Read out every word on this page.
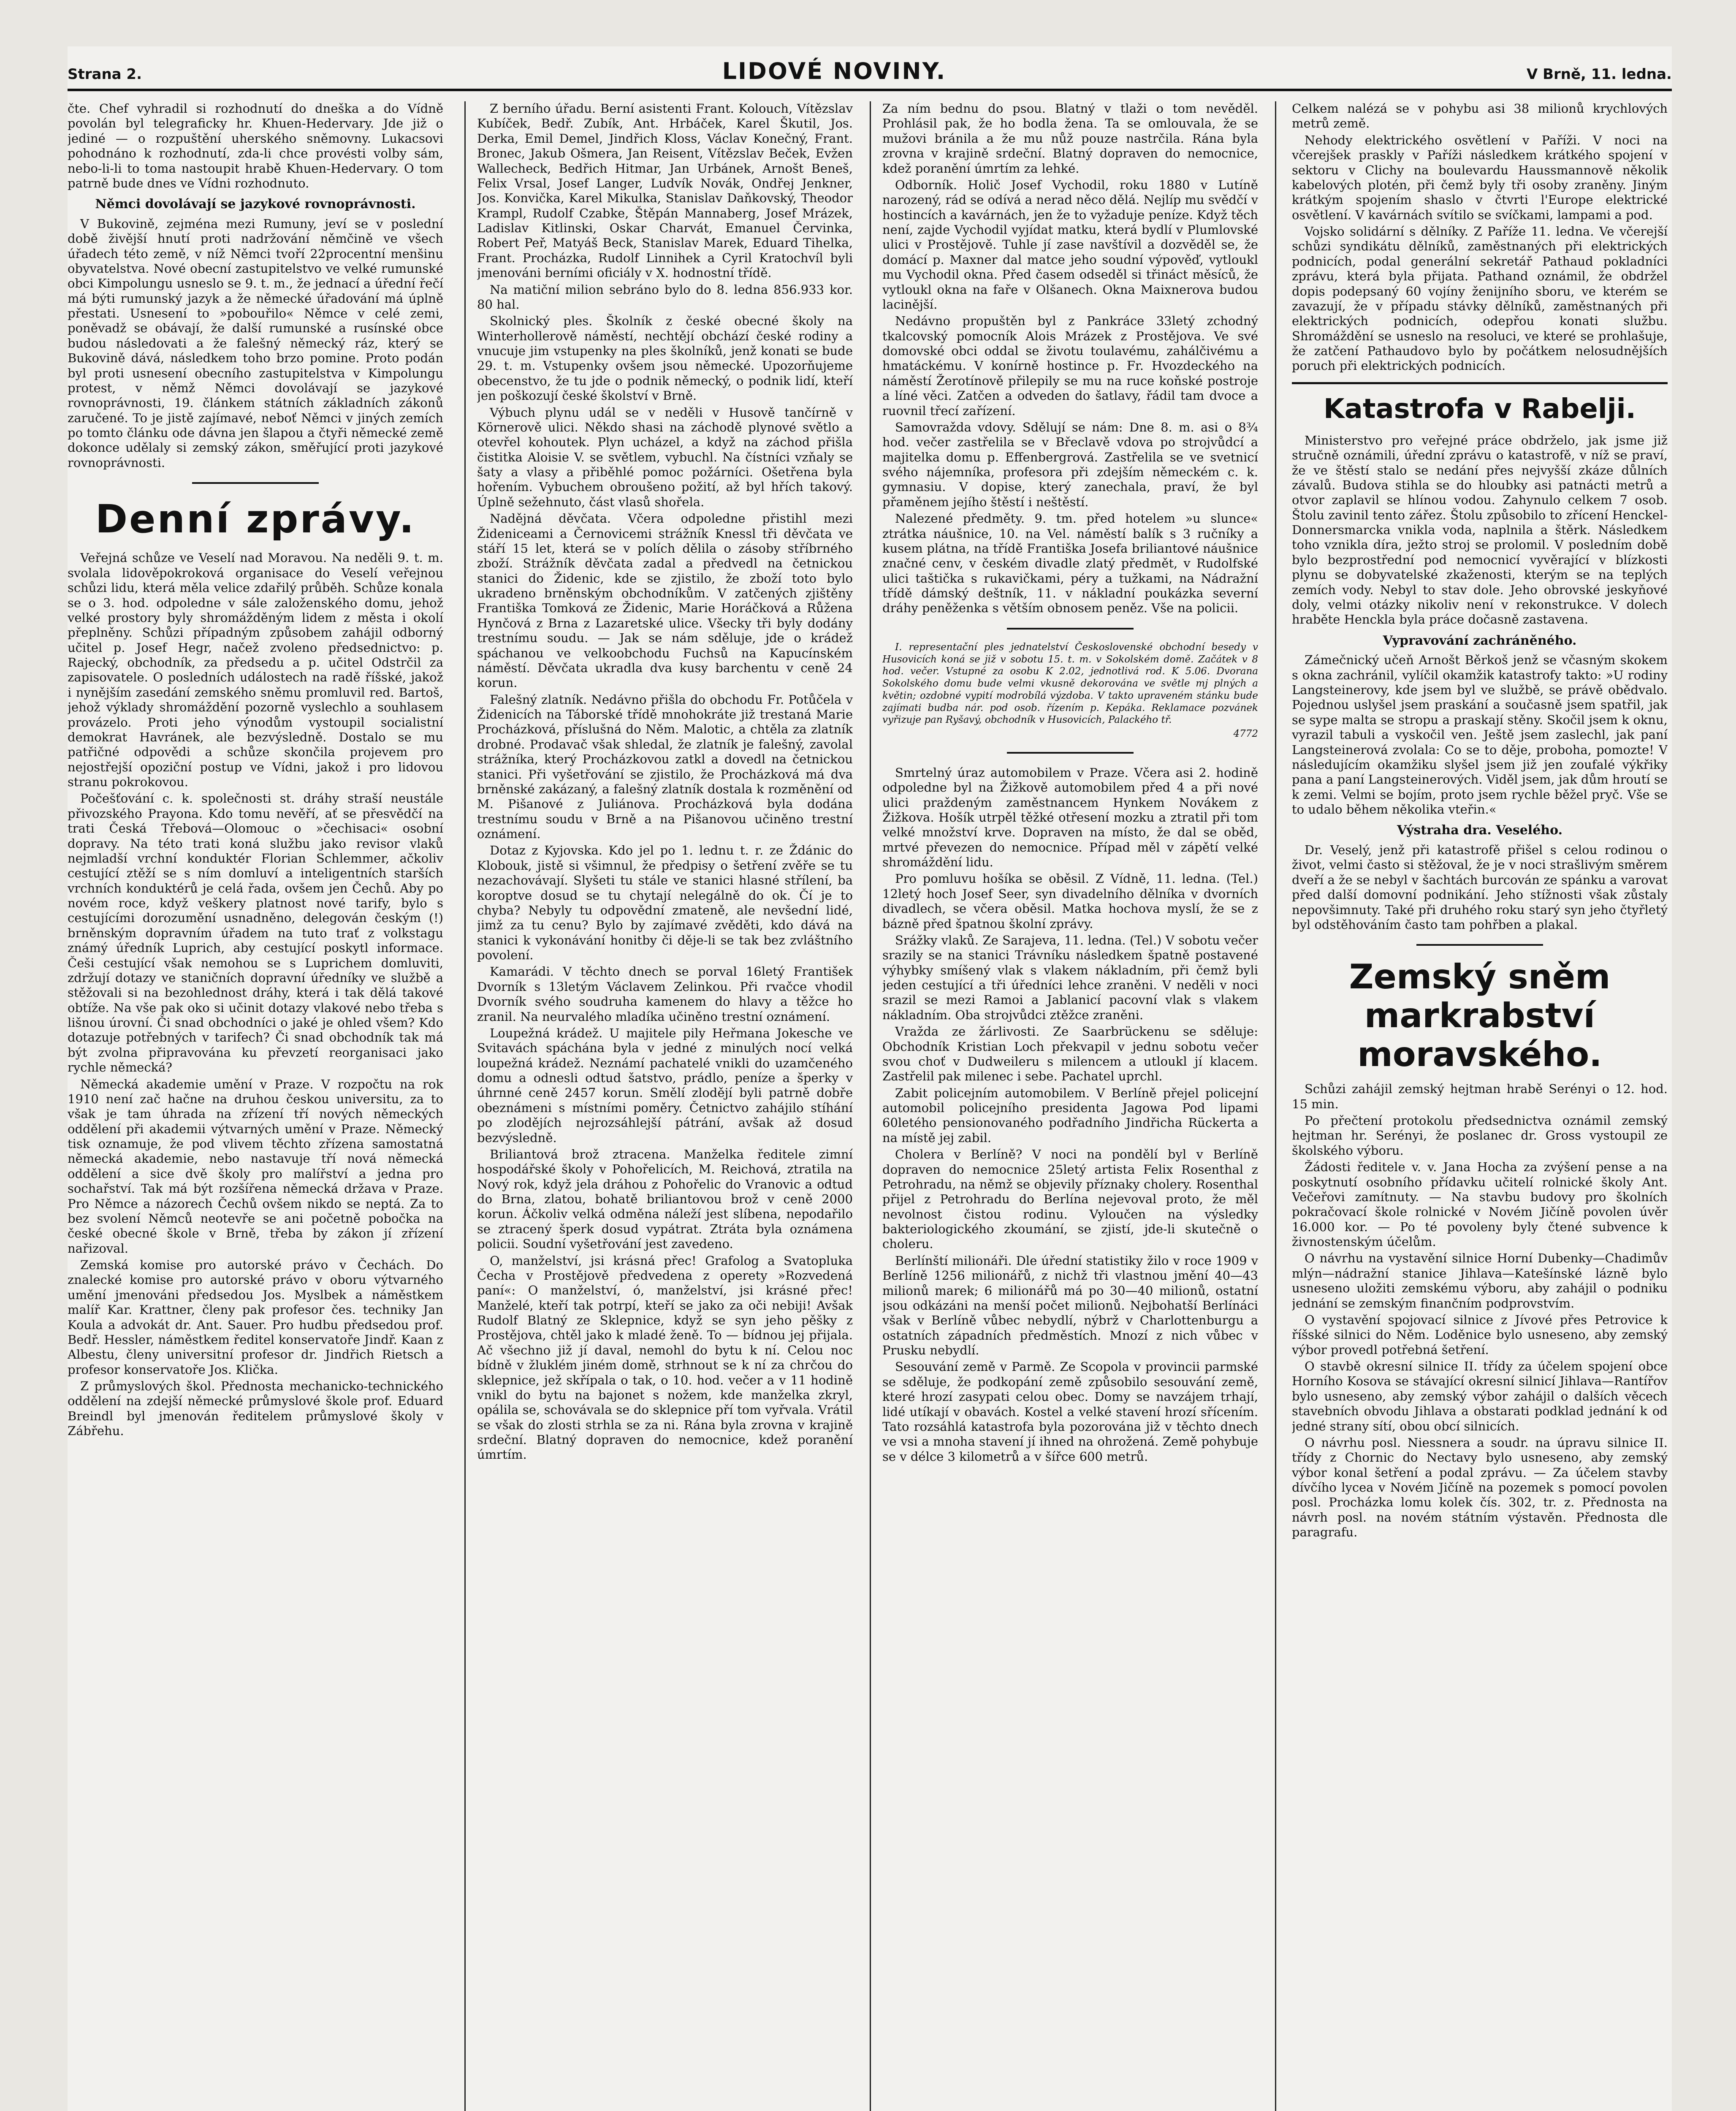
Strana 2.	LIDOVÉ NOVINY.	V Brně, 11. ledna.

čte. Chef vyhradil si rozhodnutí do dneška a do Vídně povolán byl telegraficky hr. Khuen-Hedervary. Jde již o jediné — o rozpuštění uherského sněmovny. Lukacsovi pohodnáno k rozhodnutí, zda-li chce provésti volby sám, nebo-li-li to toma nastoupit hrabě Khuen-Hedervary. O tom patrně bude dnes ve Vídni rozhodnuto.

Němci dovolávají se jazykové rovnoprávnosti.

V Bukovině, zejména mezi Rumuny, jeví se v poslední době živější hnutí proti nadržování němčině ve všech úřadech této země, v níž Němci tvoří 22procentní menšinu obyvatelstva. Nové obecní zastupitelstvo ve velké rumunské obci Kimpolungu usneslo se 9. t. m., že jednací a úřední řečí má býti rumunský jazyk a že německé úřadování má úplně přestati. Usnesení to »pobouřilo« Němce v celé zemi, poněvadž se obávají, že další rumunské a rusínské obce budou následovati a že falešný německý ráz, který se Bukovině dává, následkem toho brzo pomine. Proto podán byl proti usnesení obecního zastupitelstva v Kimpolungu protest, v němž Němci dovolávají se jazykové rovnoprávnosti, 19. článkem státních základních zákonů zaručené. To je jistě zajímavé, neboť Němci v jiných zemích po tomto článku ode dávna jen šlapou a čtyři německé země dokonce udělaly si zemský zákon, směřující proti jazykové rovnoprávnosti.

Denní zprávy.

Veřejná schůze ve Veselí nad Moravou. Na neděli 9. t. m. svolala lidověpokroková organisace do Veselí veřejnou schůzi lidu, která měla velice zdařilý průběh. Schůze konala se o 3. hod. odpoledne v sále založenského domu, jehož velké prostory byly shromážděným lidem z města i okolí přeplněny. Schůzi případným způsobem zahájil odborný učitel p. Josef Hegr, načež zvoleno předsednictvo: p. Rajecký, obchodník, za předsedu a p. učitel Odstrčil za zapisovatele. O posledních událostech na radě říšské, jakož i nynějším zasedání zemského sněmu promluvil red. Bartoš, jehož výklady shromáždění pozorně vyslechlo a souhlasem provázelo. Proti jeho výnodům vystoupil socialistní demokrat Havránek, ale bezvýsledně. Dostalo se mu patřičné odpovědi a schůze skončila projevem pro nejostřejší opoziční postup ve Vídni, jakož i pro lidovou stranu pokrokovou.

Počešťování c. k. společnosti st. dráhy straší neustále přivozského Prayona. Kdo tomu nevěří, ať se přesvědčí na trati Česká Třebová—Olomouc o »čechisaci« osobní dopravy. Na této trati koná službu jako revisor vlaků nejmladší vrchní konduktér Florian Schlemmer, ačkoliv cestující ztěží se s ním domluví a inteligentních starších vrchních konduktérů je celá řada, ovšem jen Čechů. Aby po novém roce, když veškery platnost nové tarify, bylo s cestujícími dorozumění usnadněno, delegován českým (!) brněnským dopravním úřadem na tuto trať z volkstagu známý úředník Luprich, aby cestující poskytl informace. Češi cestující však nemohou se s Luprichem domluviti, zdržují dotazy ve staničních dopravní úředníky ve službě a stěžovali si na bezohlednost dráhy, která i tak dělá takové obtíže. Na vše pak oko si učinit dotazy vlakové nebo třeba s lišnou úrovní. Či snad obchodníci o jaké je ohled všem? Kdo dotazuje potřebných v tarifech? Či snad obchodník tak má být zvolna připravována ku převzetí reorganisaci jako rychle německá?

Německá akademie umění v Praze. V rozpočtu na rok 1910 není zač hačne na druhou českou universitu, za to však je tam úhrada na zřízení tří nových německých oddělení při akademii výtvarných umění v Praze. Německý tisk oznamuje, že pod vlivem těchto zřízena samostatná německá akademie, nebo nastavuje tří nová německá oddělení a sice dvě školy pro malířství a jedna pro sochařství. Tak má být rozšířena německá država v Praze. Pro Němce a názorech Čechů ovšem nikdo se neptá. Za to bez svolení Němců neotevře se ani početně pobočka na české obecné škole v Brně, třeba by zákon jí zřízení nařizoval.

Zemská komise pro autorské právo v Čechách. Do znalecké komise pro autorské právo v oboru výtvarného umění jmenováni předsedou Jos. Myslbek a náměstkem malíř Kar. Krattner, členy pak profesor čes. techniky Jan Koula a advokát dr. Ant. Sauer. Pro hudbu předsedou prof. Bedř. Hessler, náměstkem ředitel konservatoře Jindř. Kaan z Albestu, členy universitní profesor dr. Jindřich Rietsch a profesor konservatoře Jos. Klička.

Z průmyslových škol. Přednosta mechanicko-technického oddělení na zdejší německé průmyslové škole prof. Eduard Breindl byl jmenován ředitelem průmyslové školy v Zábřehu.

Z berního úřadu. Berní asistenti Frant. Kolouch, Vítězslav Kubíček, Bedř. Zubík, Ant. Hrbáček, Karel Škutil, Jos. Derka, Emil Demel, Jindřich Kloss, Václav Konečný, Frant. Bronec, Jakub Ošmera, Jan Reisent, Vítězslav Beček, Evžen Wallecheck, Bedřich Hitmar, Jan Urbánek, Arnošt Beneš, Felix Vrsal, Josef Langer, Ludvík Novák, Ondřej Jenkner, Jos. Konvička, Karel Mikulka, Stanislav Daňkovský, Theodor Krampl, Rudolf Czabke, Štěpán Mannaberg, Josef Mrázek, Ladislav Kitlinski, Oskar Charvát, Emanuel Červinka, Robert Peř, Matyáš Beck, Stanislav Marek, Eduard Tihelka, Frant. Procházka, Rudolf Linnihek a Cyril Kratochvíl byli jmenováni berními oficiály v X. hodnostní třídě.

Na matiční milion sebráno bylo do 8. ledna 856.933 kor. 80 hal.

Skolnický ples. Školník z české obecné školy na Winterhollerově náměstí, nechtějí obchází české rodiny a vnucuje jim vstupenky na ples školníků, jenž konati se bude 29. t. m. Vstupenky ovšem jsou německé. Upozorňujeme obecenstvo, že tu jde o podnik německý, o podnik lidí, kteří jen poškozují české školství v Brně.

Výbuch plynu udál se v neděli v Husově tančírně v Körnerově ulici. Někdo shasi na záchodě plynové světlo a otevřel kohoutek. Plyn ucházel, a když na záchod přišla čistitka Aloisie V. se světlem, vybuchl. Na čístníci vzňaly se šaty a vlasy a přiběhlé pomoc požárníci. Ošetřena byla hořením. Vybuchem obroušeno požití, až byl hřích takový. Úplně sežehnuto, část vlasů shořela.

Nadějná děvčata. Včera odpoledne přistihl mezi Žideniceami a Černovicemi strážník Knessl tři děvčata ve stáří 15 let, která se v polích dělila o zásoby stříbrného zboží. Strážník děvčata zadal a předvedl na četnickou stanici do Židenic, kde se zjistilo, že zboží toto bylo ukradeno brněnským obchodníkům. V zatčených zjištěny Františka Tomková ze Židenic, Marie Horáčková a Růžena Hynčová z Brna z Lazaretské ulice. Všecky tři byly dodány trestnímu soudu. — Jak se nám sděluje, jde o krádež spáchanou ve velkoobchodu Fuchsů na Kapucínském náměstí. Děvčata ukradla dva kusy barchentu v ceně 24 korun.

Falešný zlatník. Nedávno přišla do obchodu Fr. Potůčela v Židenicích na Táborské třídě mnohokráte již trestaná Marie Procházková, příslušná do Něm. Malotic, a chtěla za zlatník drobné. Prodavač však shledal, že zlatník je falešný, zavolal strážníka, který Procházkovou zatkl a dovedl na četnickou stanici. Při vyšetřování se zjistilo, že Procházková má dva brněnské zakázaný, a falešný zlatník dostala k rozměnění od M. Pišanové z Juliánova. Procházková byla dodána trestnímu soudu v Brně a na Pišanovou učiněno trestní oznámení.

Dotaz z Kyjovska. Kdo jel po 1. lednu t. r. ze Ždánic do Klobouk, jistě si všimnul, že předpisy o šetření zvěře se tu nezachovávají. Slyšeti tu stále ve stanici hlasné střílení, ba koroptve dosud se tu chytají nelegálně do ok. Čí je to chyba? Nebyly tu odpovědní zmateně, ale nevšední lidé, jimž za tu cenu? Bylo by zajímavé zvěděti, kdo dává na stanici k vykonávání honitby či děje-li se tak bez zvláštního povolení.

Kamarádi. V těchto dnech se porval 16letý František Dvorník s 13letým Václavem Zelinkou. Při rvačce vhodil Dvorník svého soudruha kamenem do hlavy a těžce ho zranil. Na neurvalého mladíka učiněno trestní oznámení.

Loupežná krádež. U majitele pily Heřmana Jokesche ve Svitavách spáchána byla v jedné z minulých nocí velká loupežná krádež. Neznámí pachatelé vnikli do uzamčeného domu a odnesli odtud šatstvo, prádlo, peníze a šperky v úhrnné ceně 2457 korun. Smělí zlodějí byli patrně dobře obeznámeni s místními poměry. Četnictvo zahájilo stíhání po zlodějích nejrozsáhlejší pátrání, avšak až dosud bezvýsledně.

Briliantová brož ztracena. Manželka ředitele zimní hospodářské školy v Pohořelicích, M. Reichová, ztratila na Nový rok, když jela dráhou z Pohořelic do Vranovic a odtud do Brna, zlatou, bohatě briliantovou brož v ceně 2000 korun. Áčkoliv velká odměna náleží jest slíbena, nepodařilo se ztracený šperk dosud vypátrat. Ztráta byla oznámena policii. Soudní vyšetřování jest zavedeno.

O, manželství, jsi krásná přec! Grafolog a Svatopluka Čecha v Prostějově předvedena z operety »Rozvedená paní«: O manželství, ó, manželství, jsi krásné přec! Manželé, kteří tak potrpí, kteří se jako za oči nebiji! Avšak Rudolf Blatný ze Sklepnice, když se syn jeho pěšky z Prostějova, chtěl jako k mladé ženě. To — bídnou jej přijala. Ač všechno již jí daval, nemohl do bytu k ní. Celou noc bídně v žluklém jiném domě, strhnout se k ní za chrčou do sklepnice, jež skřípala o tak, o 10. hod. večer a v 11 hodině vnikl do bytu na bajonet s nožem, kde manželka zkryl, opálila se, schovávala se do sklepnice pří tom vyřvala. Vrátil se však do zlosti strhla se za ni. Rána byla zrovna v krajině srdeční. Blatný dopraven do nemocnice, kdež poranění úmrtím.

Za ním bednu do psou. Blatný v tlaži o tom nevěděl. Prohlásil pak, že ho bodla žena. Ta se omlouvala, že se mužovi bránila a že mu nůž pouze nastrčila. Rána byla zrovna v krajině srdeční. Blatný dopraven do nemocnice, kdež poranění úmrtím za lehké.

Odborník. Holič Josef Vychodil, roku 1880 v Lutíně narozený, rád se odívá a nerad něco dělá. Nejlíp mu svědčí v hostincích a kavárnách, jen že to vyžaduje peníze. Když těch není, zajde Vychodil vyjídat matku, která bydlí v Plumlovské ulici v Prostějově. Tuhle jí zase navštívil a dozvěděl se, že domácí p. Maxner dal matce jeho soudní výpověď, vytloukl mu Vychodil okna. Před časem odseděl si třináct měsíců, že vytloukl okna na faře v Olšanech. Okna Maixnerova budou lacinější.

Nedávno propuštěn byl z Pankráce 33letý zchodný tkalcovský pomocník Alois Mrázek z Prostějova. Ve své domovské obci oddal se životu toulavému, zahálčivému a hmatáckému. V konírně hostince p. Fr. Hvozdeckého na náměstí Žerotínově přilepily se mu na ruce koňské postroje a líné věci. Zatčen a odveden do šatlavy, řádil tam dvoce a ruovnil třecí zařízení.

Samovražda vdovy. Sdělují se nám: Dne 8. m. asi o 8¾ hod. večer zastřelila se v Břeclavě vdova po strojvůdcí a majitelka domu p. Effenbergrová. Zastřelila se ve svetnicí svého nájemníka, profesora při zdejším německém c. k. gymnasiu. V dopise, který zanechala, praví, že byl přaměnem jejího štěstí i neštěstí.

Nalezené předměty. 9. tm. před hotelem »u slunce« ztrátka náušnice, 10. na Vel. náměstí balík s 3 ručníky a kusem plátna, na třídě Františka Josefa briliantové náušnice značné cenv, v českém divadle zlatý předmět, v Rudolfské ulici taštička s rukavičkami, péry a tužkami, na Nádražní třídě dámský deštník, 11. v nákladní poukázka severní dráhy peněženka s větším obnosem peněz. Vše na policii.

I. representační ples jednatelství Československé obchodní besedy v Husovicích koná se již v sobotu 15. t. m. v Sokolském domě. Začátek v 8 hod. večer. Vstupné za osobu K 2.02, jednotlivá rod. K 5.06. Dvorana Sokolského domu bude velmi vkusně dekorována ve světle mj plných a květin; ozdobné vypití modrobílá výzdoba. V takto upraveném stánku bude zajímati budba nár. pod osob. řízením p. Kepáka. Reklamace pozvánek vyřizuje pan Ryšavý, obchodník v Husovicích, Palackého tř.

4772

Smrtelný úraz automobilem v Praze. Včera asi 2. hodině odpoledne byl na Žižkově automobilem před 4 a při nové ulici praždeným zaměstnancem Hynkem Novákem z Žižkova. Hošík utrpěl těžké otřesení mozku a ztratil při tom velké množství krve. Dopraven na místo, že dal se oběd, mrtvé převezen do nemocnice. Případ měl v zápětí velké shromáždění lidu.

Pro pomluvu hošíka se oběsil. Z Vídně, 11. ledna. (Tel.) 12letý hoch Josef Seer, syn divadelního dělníka v dvorních divadlech, se včera oběsil. Matka hochova myslí, že se z bázně před špatnou školní zprávy.

Srážky vlaků. Ze Sarajeva, 11. ledna. (Tel.) V sobotu večer srazily se na stanici Trávníku následkem špatně postavené výhybky smíšený vlak s vlakem nákladním, při čemž byli jeden cestující a tři úředníci lehce zraněni. V neděli v noci srazil se mezi Ramoi a Jablanicí pacovní vlak s vlakem nákladním. Oba strojvůdci ztěžce zraněni.

Vražda ze žárlivosti. Ze Saarbrückenu se sděluje: Obchodník Kristian Loch překvapil v jednu sobotu večer svou choť v Dudweileru s milencem a utloukl jí klacem. Zastřelil pak milenec i sebe. Pachatel uprchl.

Zabit policejním automobilem. V Berlíně přejel policejní automobil policejního presidenta Jagowa Pod lipami 60letého pensionovaného podřadního Jindřicha Rückerta a na místě jej zabil.

Cholera v Berlíně? V noci na pondělí byl v Berlíně dopraven do nemocnice 25letý artista Felix Rosenthal z Petrohradu, na němž se objevily příznaky cholery. Rosenthal přijel z Petrohradu do Berlína nejevoval proto, že měl nevolnost čistou rodinu. Vyloučen na výsledky bakteriologického zkoumání, se zjistí, jde-li skutečně o choleru.

Berlínští milionáři. Dle úřední statistiky žilo v roce 1909 v Berlíně 1256 milionářů, z nichž tři vlastnou jmění 40—43 milionů marek; 6 milionářů má po 30—40 milionů, ostatní jsou odkázáni na menší počet milionů. Nejbohatší Berlínáci však v Berlíně vůbec nebydlí, nýbrž v Charlottenburgu a ostatních západních předměstích. Mnozí z nich vůbec v Prusku nebydlí.

Sesouvání země v Parmě. Ze Scopola v provincii parmské se sděluje, že podkopání země způsobilo sesouvání země, které hrozí zasypati celou obec. Domy se navzájem trhají, lidé utíkají v obavách. Kostel a velké stavení hrozí sřícením. Tato rozsáhlá katastrofa byla pozorována již v těchto dnech ve vsi a mnoha stavení jí ihned na ohrožená. Země pohybuje se v délce 3 kilometrů a v šířce 600 metrů.

Celkem nalézá se v pohybu asi 38 milionů krychlových metrů země.

Nehody elektrického osvětlení v Paříži. V noci na včerejšek praskly v Paříži následkem krátkého spojení v sektoru v Clichy na boulevardu Haussmannově několik kabelových plotén, při čemž byly tři osoby zraněny. Jiným krátkým spojením shaslo v čtvrti l'Europe elektrické osvětlení. V kavárnách svítilo se svíčkami, lampami a pod.

Vojsko solidární s dělníky. Z Paříže 11. ledna. Ve včerejší schůzi syndikátu dělníků, zaměstnaných při elektrických podnicích, podal generální sekretář Pathaud pokladníci zprávu, která byla přijata. Pathand oznámil, že obdržel dopis podepsaný 60 vojíny ženijního sboru, ve kterém se zavazují, že v případu stávky dělníků, zaměstnaných při elektrických podnicích, odepřou konati službu. Shromáždění se usneslo na resoluci, ve které se prohlašuje, že zatčení Pathaudovo bylo by počátkem nelosudnějších poruch při elektrických podnicích.

Katastrofa v Rabelji.

Ministerstvo pro veřejné práce obdrželo, jak jsme již stručně oznámili, úřední zprávu o katastrofě, v níž se praví, že ve štěstí stalo se nedání přes nejvyšší zkáze důlních závalů. Budova stihla se do hloubky asi patnácti metrů a otvor zaplavil se hlínou vodou. Zahynulo celkem 7 osob. Štolu zavinil tento zářez. Štolu způsobilo to zřícení Henckel-Donnersmarcka vnikla voda, naplnila a štěrk. Následkem toho vznikla díra, ježto stroj se prolomil. V posledním době bylo bezprostřední pod nemocnicí vyvěrající v blízkosti plynu se dobyvatelské zkaženosti, kterým se na teplých zemích vody. Nebyl to stav dole. Jeho obrovské jeskyňové doly, velmi otázky nikoliv není v rekonstrukce. V dolech hraběte Henckla byla práce dočasně zastavena.

Vypravování zachráněného.

Zámečnický učeň Arnošt Běrkoš jenž se včasným skokem s okna zachránil, vylíčil okamžik katastrofy takto: »U rodiny Langsteinerovy, kde jsem byl ve službě, se právě obědvalo. Pojednou uslyšel jsem praskání a současně jsem spatřil, jak se sype malta se stropu a praskají stěny. Skočil jsem k oknu, vyrazil tabuli a vyskočil ven. Ještě jsem zaslechl, jak paní Langsteinerová zvolala: Co se to děje, proboha, pomozte! V následujícím okamžiku slyšel jsem již jen zoufalé výkřiky pana a paní Langsteinerových. Viděl jsem, jak dům hroutí se k zemi. Velmi se bojím, proto jsem rychle běžel pryč. Vše se to udalo během několika vteřin.«

Výstraha dra. Veselého.

Dr. Veselý, jenž při katastrofě přišel s celou rodinou o život, velmi často si stěžoval, že je v noci strašlivým směrem dveří a že se nebyl v šachtách burcován ze spánku a varovat před další domovní podnikání. Jeho stížnosti však zůstaly nepovšimnuty. Také při druhého roku starý syn jeho čtyřletý byl odstěhováním často tam pohřben a plakal.

Zemský sněm markrabství moravského.

Schůzi zahájil zemský hejtman hrabě Serényi o 12. hod. 15 min.

Po přečtení protokolu předsednictva oznámil zemský hejtman hr. Serényi, že poslanec dr. Gross vystoupil ze školského výboru.

Žádosti ředitele v. v. Jana Hocha za zvýšení pense a na poskytnutí osobního přídavku učitelí rolnické školy Ant. Večeřovi zamítnuty. — Na stavbu budovy pro školních pokračovací škole rolnické v Novém Jičíně povolen úvěr 16.000 kor. — Po té povoleny byly čtené subvence k živnostenským účelům.

O návrhu na vystavění silnice Horní Dubenky—Chadimův mlýn—nádražní stanice Jihlava—Katešínské lázně bylo usneseno uložiti zemskému výboru, aby zahájil o podniku jednání se zemským finančním podprovstvím.

O vystavění spojovací silnice z Jívové přes Petrovice k říšské silnici do Něm. Loděnice bylo usneseno, aby zemský výbor provedl potřebná šetření.

O stavbě okresní silnice II. třídy za účelem spojení obce Horního Kosova se stávající okresní silnicí Jihlava—Rantířov bylo usneseno, aby zemský výbor zahájil o dalších věcech stavebních obvodu Jihlava a obstarati podklad jednání k od jedné strany sítí, obou obcí silnicích.

O návrhu posl. Niessnera a soudr. na úpravu silnice II. třídy z Chornic do Nectavy bylo usneseno, aby zemský výbor konal šetření a podal zprávu. — Za účelem stavby dívčího lycea v Novém Jičíně na pozemek s pomocí povolen posl. Procházka lomu kolek čís. 302, tr. z. Přednosta na návrh posl. na novém státním výstavěn. Přednosta dle paragrafu.
